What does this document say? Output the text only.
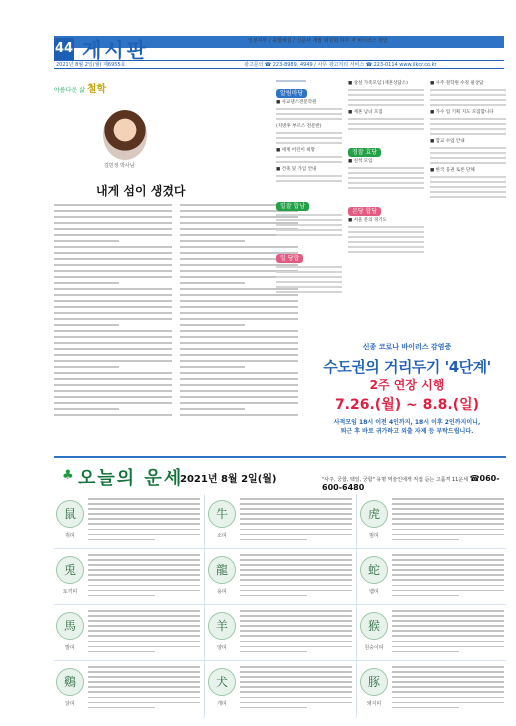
44 게시판	일본지부 / 종합해설 / 신문사 개발 위원회 하루 자 바이러스 현안
2021년 8월 2일(월) 제6955호	광고문의 ☎ 223-8989, 4949 / 사무 광고처리 서비스 ☎ 223-0114 www.ilkcr.co.kr
아름다운 삶 철학
김민정 박사님
내게 섬이 생겼다
알림마당
■ 사교댄스전문학원
(지방후 부르스 전문반)
■ 세계 어린이 희망
■ 건축 및 가입 안내
일잘 합남
일 당합
■ 상설 가족모임 (재혼상담소)
■ 재혼 남녀 모집
정잘 효당
■ 친척 모임
본당 합당
■ 서울 문의 경기도
■ 사주 철학원 수정 필상담
■ 가수 업 기획 지도 모집합니다
■ 합교 수업 안내
■ 한국 웅권 토론 단체
신종 코로나 바이러스 감염증
수도권의 거리두기 '4단계'
2주 연장 시행
7.26.(월) ~ 8.8.(일)
사적모임 18시 이전 4인까지, 18시 이후 2인까지이니,
퇴근 후 바로 귀가하고 외출 자제 등 부탁드립니다.
♣ 오늘의 운세
2021년 8월 2일(월)	"사주, 궁합, 택일, 궁합" 유명 역술인에게 직접 듣는 고품격 11운세 ☎060-600-6480
鼠
쥐띠
牛
소띠
虎
범띠
兎
토끼띠
龍
용띠
蛇
뱀띠
馬
말띠
羊
양띠
猴
원숭이띠
鷄
닭띠
犬
개띠
豚
돼지띠
